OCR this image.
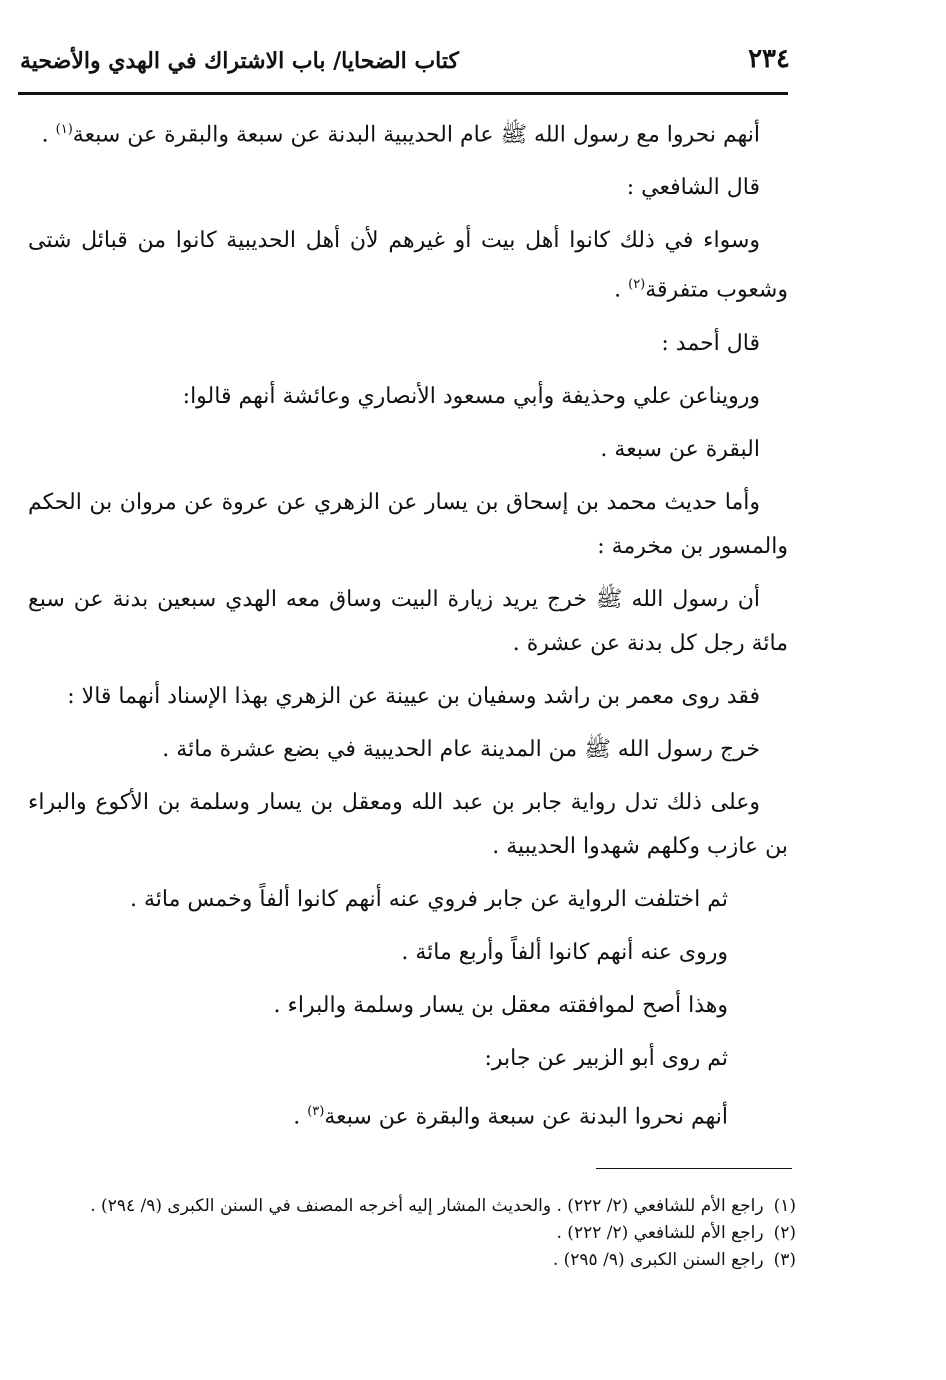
٢٣٤
كتاب الضحايا/ باب الاشتراك في الهدي والأضحية

أنهم نحروا مع رسول الله ﷺ عام الحديبية البدنة عن سبعة والبقرة عن سبعة$^{(١)}$ .

قال الشافعي :

وسواء في ذلك كانوا أهل بيت أو غيرهم لأن أهل الحديبية كانوا من قبائل شتى وشعوب متفرقة$^{(٢)}$ .

قال أحمد :

ورويناعن علي وحذيفة وأبي مسعود الأنصاري وعائشة أنهم قالوا:

البقرة عن سبعة .

وأما حديث محمد بن إسحاق بن يسار عن الزهري عن عروة عن مروان بن الحكم والمسور بن مخرمة :

أن رسول الله ﷺ خرج يريد زيارة البيت وساق معه الهدي سبعين بدنة عن سبع مائة رجل كل بدنة عن عشرة .

فقد روى معمر بن راشد وسفيان بن عيينة عن الزهري بهذا الإسناد أنهما قالا :

خرج رسول الله ﷺ من المدينة عام الحديبية في بضع عشرة مائة .

وعلى ذلك تدل رواية جابر بن عبد الله ومعقل بن يسار وسلمة بن الأكوع والبراء بن عازب وكلهم شهدوا الحديبية .

ثم اختلفت الرواية عن جابر فروي عنه أنهم كانوا ألفاً وخمس مائة .

وروى عنه أنهم كانوا ألفاً وأربع مائة .

وهذا أصح لموافقته معقل بن يسار وسلمة والبراء .

ثم روى أبو الزبير عن جابر:

أنهم نحروا البدنة عن سبعة والبقرة عن سبعة$^{(٣)}$ .

(١)راجع الأم للشافعي (٢/ ٢٢٢) . والحديث المشار إليه أخرجه المصنف في السنن الكبرى (٩/ ٢٩٤) .

(٢)راجع الأم للشافعي (٢/ ٢٢٢) .

(٣)راجع السنن الكبرى (٩/ ٢٩٥) .
